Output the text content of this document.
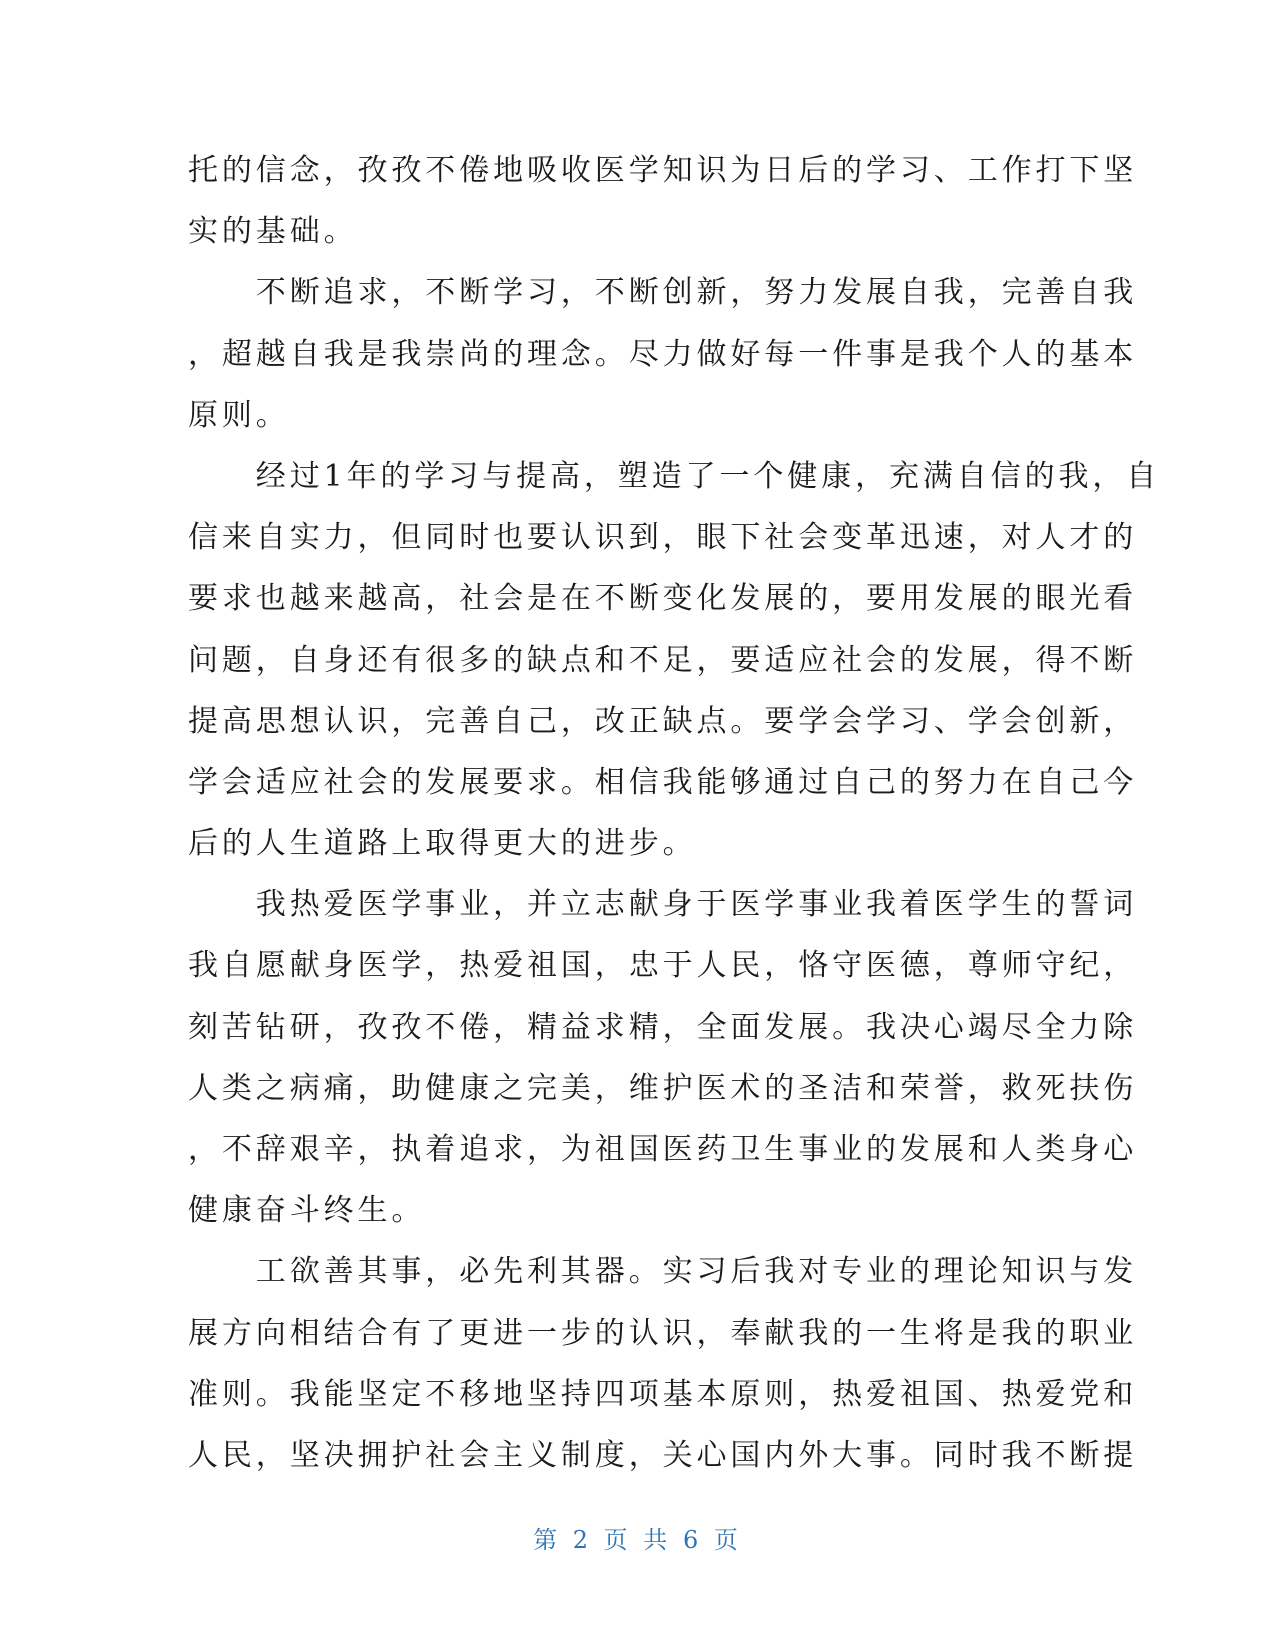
托的信念，孜孜不倦地吸收医学知识为日后的学习、工作打下坚
实的基础。
　　不断追求，不断学习，不断创新，努力发展自我，完善自我
，超越自我是我崇尚的理念。尽力做好每一件事是我个人的基本
原则。
　　经过1年的学习与提高，塑造了一个健康，充满自信的我，自
信来自实力，但同时也要认识到，眼下社会变革迅速，对人才的
要求也越来越高，社会是在不断变化发展的，要用发展的眼光看
问题，自身还有很多的缺点和不足，要适应社会的发展，得不断
提高思想认识，完善自己，改正缺点。要学会学习、学会创新，
学会适应社会的发展要求。相信我能够通过自己的努力在自己今
后的人生道路上取得更大的进步。
　　我热爱医学事业，并立志献身于医学事业我着医学生的誓词
我自愿献身医学，热爱祖国，忠于人民，恪守医德，尊师守纪，
刻苦钻研，孜孜不倦，精益求精，全面发展。我决心竭尽全力除
人类之病痛，助健康之完美，维护医术的圣洁和荣誉，救死扶伤
，不辞艰辛，执着追求，为祖国医药卫生事业的发展和人类身心
健康奋斗终生。
　　工欲善其事，必先利其器。实习后我对专业的理论知识与发
展方向相结合有了更进一步的认识，奉献我的一生将是我的职业
准则。我能坚定不移地坚持四项基本原则，热爱祖国、热爱党和
人民，坚决拥护社会主义制度，关心国内外大事。同时我不断提
第 2 页 共 6 页
